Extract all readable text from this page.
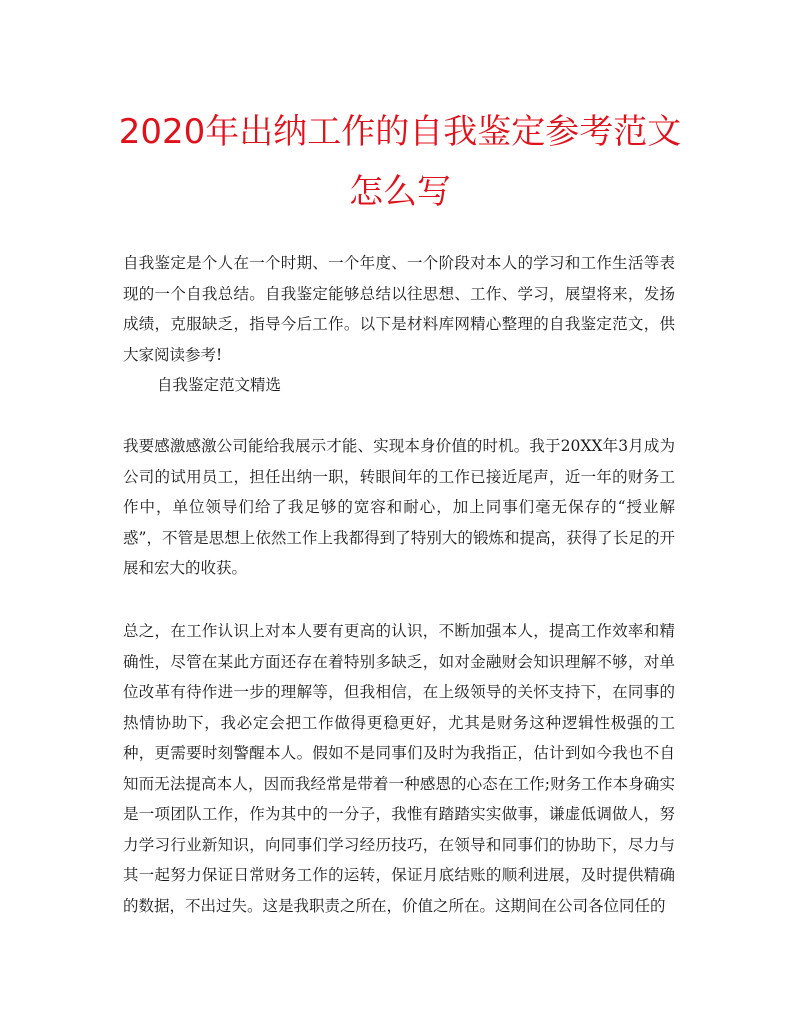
2020年出纳工作的自我鉴定参考范文怎么写

自我鉴定是个人在一个时期、一个年度、一个阶段对本人的学习和工作生活等表现的一个自我总结。自我鉴定能够总结以往思想、工作、学习，展望将来，发扬成绩，克服缺乏，指导今后工作。以下是材料库网精心整理的自我鉴定范文，供大家阅读参考!

自我鉴定范文精选

我要感激感激公司能给我展示才能、实现本身价值的时机。我于20XX年3月成为公司的试用员工，担任出纳一职，转眼间年的工作已接近尾声，近一年的财务工作中，单位领导们给了我足够的宽容和耐心，加上同事们毫无保存的“授业解惑”，不管是思想上依然工作上我都得到了特别大的锻炼和提高，获得了长足的开展和宏大的收获。

总之，在工作认识上对本人要有更高的认识，不断加强本人，提高工作效率和精确性，尽管在某此方面还存在着特别多缺乏，如对金融财会知识理解不够，对单位改革有待作进一步的理解等，但我相信，在上级领导的关怀支持下，在同事的热情协助下，我必定会把工作做得更稳更好，尤其是财务这种逻辑性极强的工种，更需要时刻警醒本人。假如不是同事们及时为我指正，估计到如今我也不自知而无法提高本人，因而我经常是带着一种感恩的心态在工作;财务工作本身确实是一项团队工作，作为其中的一分子，我惟有踏踏实实做事，谦虚低调做人，努力学习行业新知识，向同事们学习经历技巧，在领导和同事们的协助下，尽力与其一起努力保证日常财务工作的运转，保证月底结账的顺利进展，及时提供精确的数据，不出过失。这是我职责之所在，价值之所在。这期间在公司各位同任的
